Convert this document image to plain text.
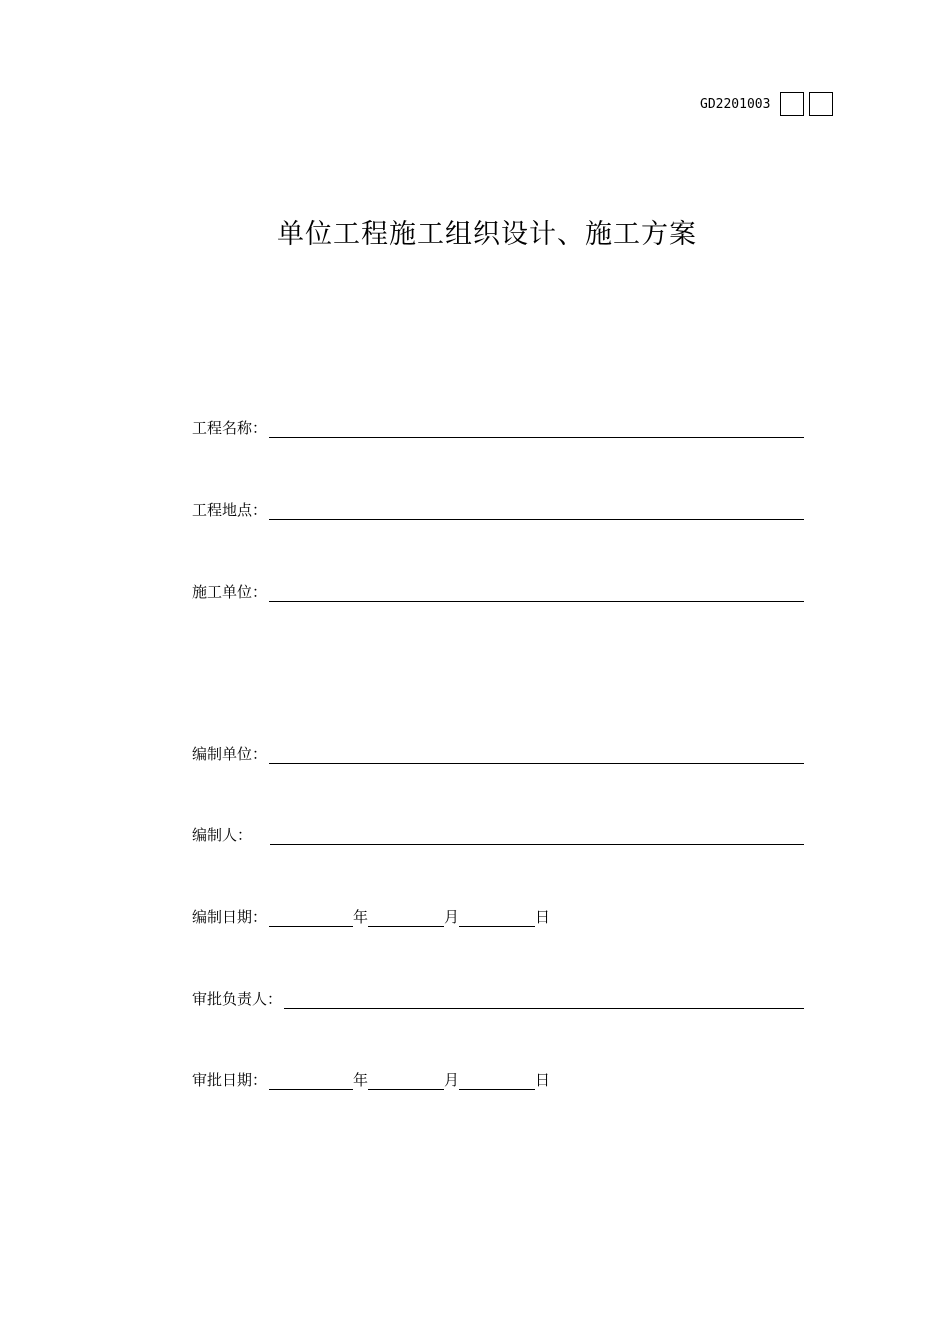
GD2201003
单位工程施工组织设计、施工方案
工程名称：
工程地点：
施工单位：
编制单位：
编制人：
编制日期：	年	月	日
审批负责人：
审批日期：	年	月	日
